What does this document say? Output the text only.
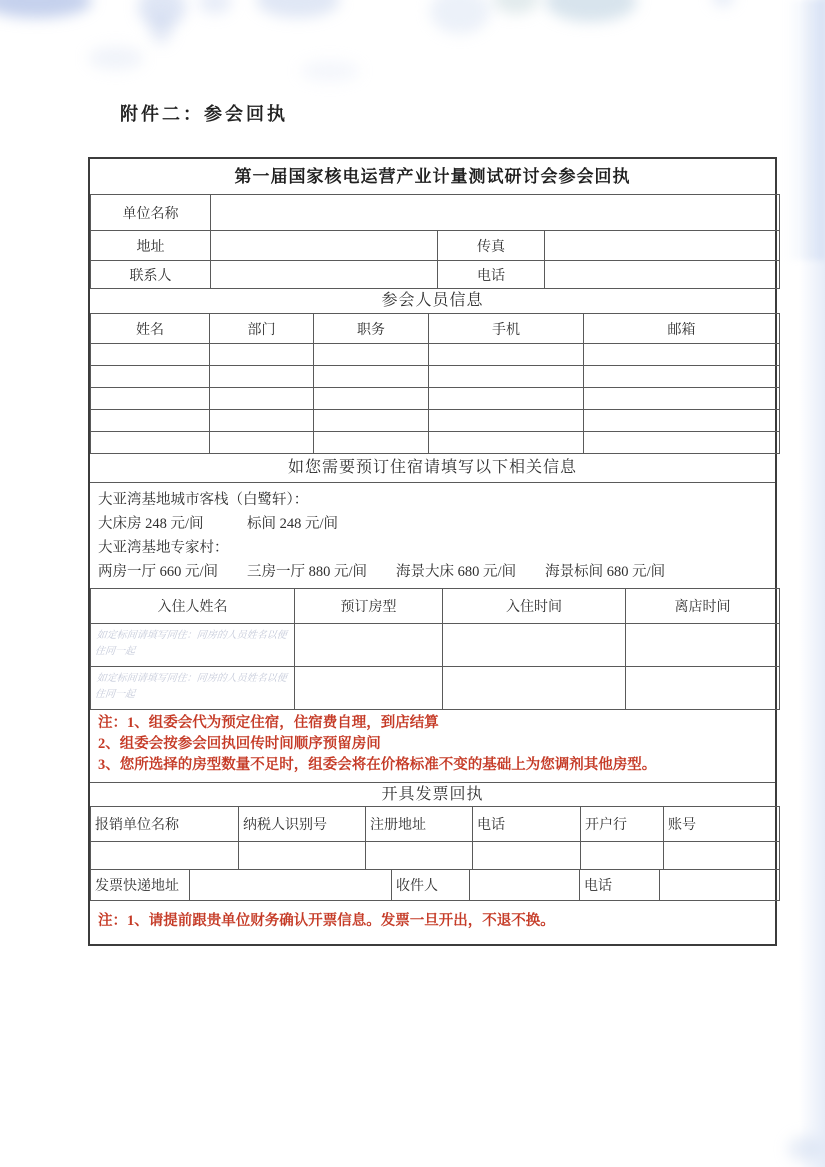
附件二：参会回执
第一届国家核电运营产业计量测试研讨会参会回执
单位名称			
地址		传真	
联系人		电话	
参会人员信息
姓名	部门	职务	手机	邮箱

如您需要预订住宿请填写以下相关信息
大亚湾基地城市客栈（白鹭轩）：
大床房 248 元/间　　　标间 248 元/间
大亚湾基地专家村：
两房一厅 660 元/间　　三房一厅 880 元/间　　海景大床 680 元/间　　海景标间 680 元/间
入住人姓名	预订房型	入住时间	离店时间

如定标间请填写同住：同房的人员姓名以便
住同一起			

如定标间请填写同住：同房的人员姓名以便
住同一起			

注：1、组委会代为预定住宿，住宿费自理，到店结算
2、组委会按参会回执回传时间顺序预留房间
3、您所选择的房型数量不足时，组委会将在价格标准不变的基础上为您调剂其他房型。
开具发票回执
报销单位名称	纳税人识别号	注册地址	电话	开户行	账号

发票快递地址		收件人		电话	
注：1、请提前跟贵单位财务确认开票信息。发票一旦开出，不退不换。
